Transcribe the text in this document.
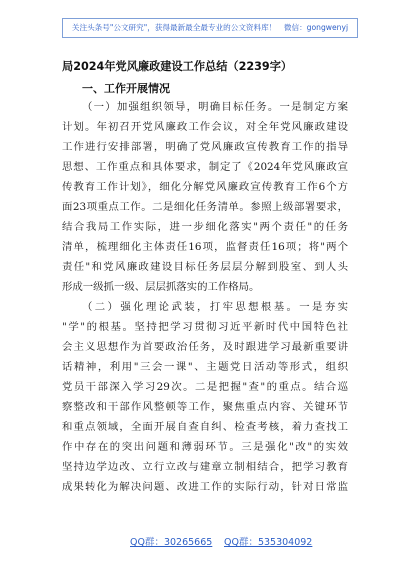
关注头条号"公文研究"，获得最新最全最专业的公文资料库！　微信：gongwenyj
局2024年党风廉政建设工作总结（2239字）
一、工作开展情况
（一）加强组织领导，明确目标任务。一是制定方案
计划。年初召开党风廉政工作会议，对全年党风廉政建设
工作进行安排部署，明确了党风廉政宣传教育工作的指导
思想、工作重点和具体要求，制定了《2024年党风廉政宣
传教育工作计划》，细化分解党风廉政宣传教育工作6个方
面23项重点工作。二是细化任务清单。参照上级部署要求，
结合我局工作实际，进一步细化落实"两个责任"的任务
清单，梳理细化主体责任16项，监督责任16项；将"两个
责任"和党风廉政建设目标任务层层分解到股室、到人头
形成一级抓一级、层层抓落实的工作格局。
（二）强化理论武装，打牢思想根基。一是夯实
"学"的根基。坚持把学习贯彻习近平新时代中国特色社
会主义思想作为首要政治任务，及时跟进学习最新重要讲
话精神，利用"三会一课"、主题党日活动等形式，组织
党员干部深入学习29次。二是把握"查"的重点。结合巡
察整改和干部作风整顿等工作，聚焦重点内容、关键环节
和重点领域，全面开展自查自纠、检查考核，着力查找工
作中存在的突出问题和薄弱环节。三是强化"改"的实效
坚持边学边改、立行立改与建章立制相结合，把学习教育
成果转化为解决问题、改进工作的实际行动，针对日常监
QQ群：30265665 QQ群：535304092
